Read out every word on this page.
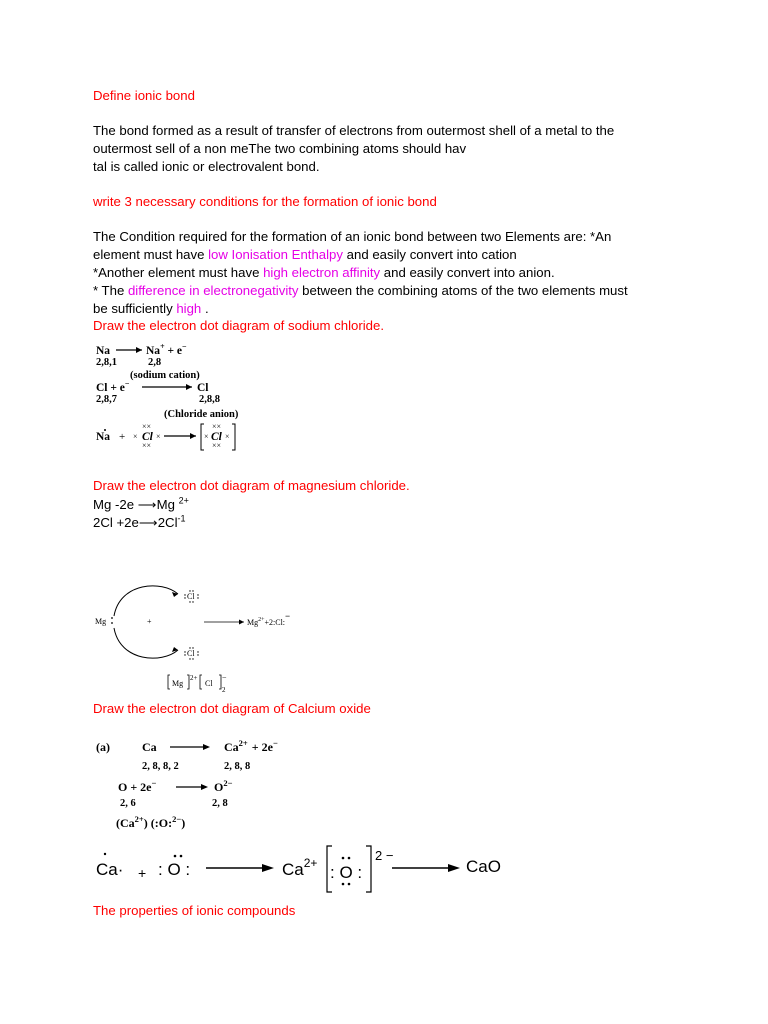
Define ionic bond
The bond formed as a result of transfer of electrons from outermost shell of a metal to the
outermost sell of a non meThe two combining atoms should hav
tal is called ionic or electrovalent bond.
write 3 necessary conditions for the formation of ionic bond
The Condition required for the formation of an ionic bond between two Elements are: *An
element must have low Ionisation Enthalpy and easily convert into cation
*Another element must have high electron affinity and easily convert into anion.
* The difference in electronegativity between the combining atoms of the two elements must
be sufficiently high .
Draw the electron dot diagram of sodium chloride.
Na	Na+ + e−
2,8,1	2,8
(sodium cation)
Cl + e−	Cl
2,8,7	2,8,8
(Chloride anion)
Na +
××
× Cl ×
××
××
× Cl ×
××
Draw the electron dot diagram of magnesium chloride.
Mg -2e ⟶Mg $^{2+}$
$2Cl +2e⟶2Cl^{-1}$
Mg	+
Cl
Cl
$Mg^{2+}+2:Cl:-$
Mg
2+
Cl
−
2
Draw the electron dot diagram of Calcium oxide
(a)	Ca	$Ca^{2+} + 2e^-$
2, 8, 8, 2	2, 8, 8
O + 2e−	$O^{2-}$
2, 6	2, 8
$(Ca^{2+})$ (:O:$^{2-}$)
Ca· + : O :	$Ca^{2+}$ : O :
2 −
CaO
The properties of ionic compounds
